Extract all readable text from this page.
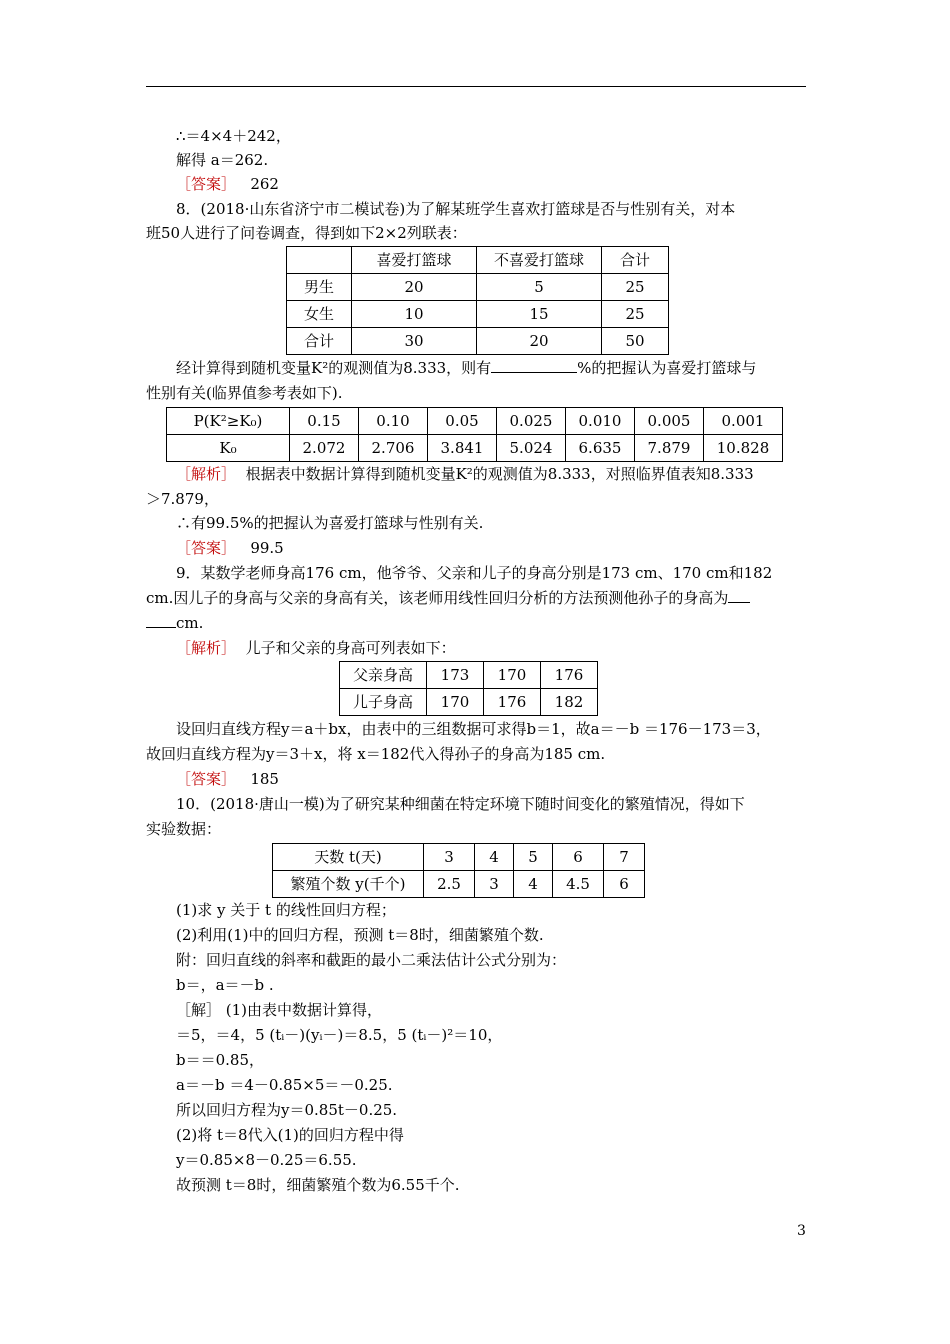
∴＝4×4＋242，
解得 a＝262.
［答案］ 262
8．(2018·山东省济宁市二模试卷)为了解某班学生喜欢打篮球是否与性别有关，对本
班50人进行了问卷调查，得到如下2×2列联表：
	喜爱打篮球	不喜爱打篮球	合计
男生	20	5	25
女生	10	15	25
合计	30	20	50
经计算得到随机变量K²的观测值为8.333，则有	%的把握认为喜爱打篮球与
性别有关(临界值参考表如下).
P(K²≥K₀)	0.15	0.10	0.05	0.025	0.010	0.005	0.001
K₀	2.072	2.706	3.841	5.024	6.635	7.879	10.828
［解析］ 根据表中数据计算得到随机变量K²的观测值为8.333，对照临界值表知8.333
＞7.879，
∴有99.5%的把握认为喜爱打篮球与性别有关.
［答案］ 99.5
9．某数学老师身高176 cm，他爷爷、父亲和儿子的身高分别是173 cm、170 cm和182
cm.因儿子的身高与父亲的身高有关，该老师用线性回归分析的方法预测他孙子的身高为
cm.
［解析］ 儿子和父亲的身高可列表如下：
父亲身高	173	170	176
儿子身高	170	176	182
设回归直线方程y＝a＋bx，由表中的三组数据可求得b＝1，故a＝－b ＝176－173＝3，
故回归直线方程为y＝3＋x，将 x＝182代入得孙子的身高为185 cm.
［答案］ 185
10．(2018·唐山一模)为了研究某种细菌在特定环境下随时间变化的繁殖情况，得如下
实验数据：
天数 t(天)	3	4	5	6	7
繁殖个数 y(千个)	2.5	3	4	4.5	6
(1)求 y 关于 t 的线性回归方程；
(2)利用(1)中的回归方程，预测 t＝8时，细菌繁殖个数.
附：回归直线的斜率和截距的最小二乘法估计公式分别为：
b＝，a＝－b .
［解］ (1)由表中数据计算得，
＝5，＝4，5 (tᵢ－)(yᵢ－)＝8.5，5 (tᵢ－)²＝10，
b＝＝0.85，
a＝－b ＝4－0.85×5＝－0.25.
所以回归方程为y＝0.85t－0.25.
(2)将 t＝8代入(1)的回归方程中得
y＝0.85×8－0.25＝6.55.
故预测 t＝8时，细菌繁殖个数为6.55千个.
3
